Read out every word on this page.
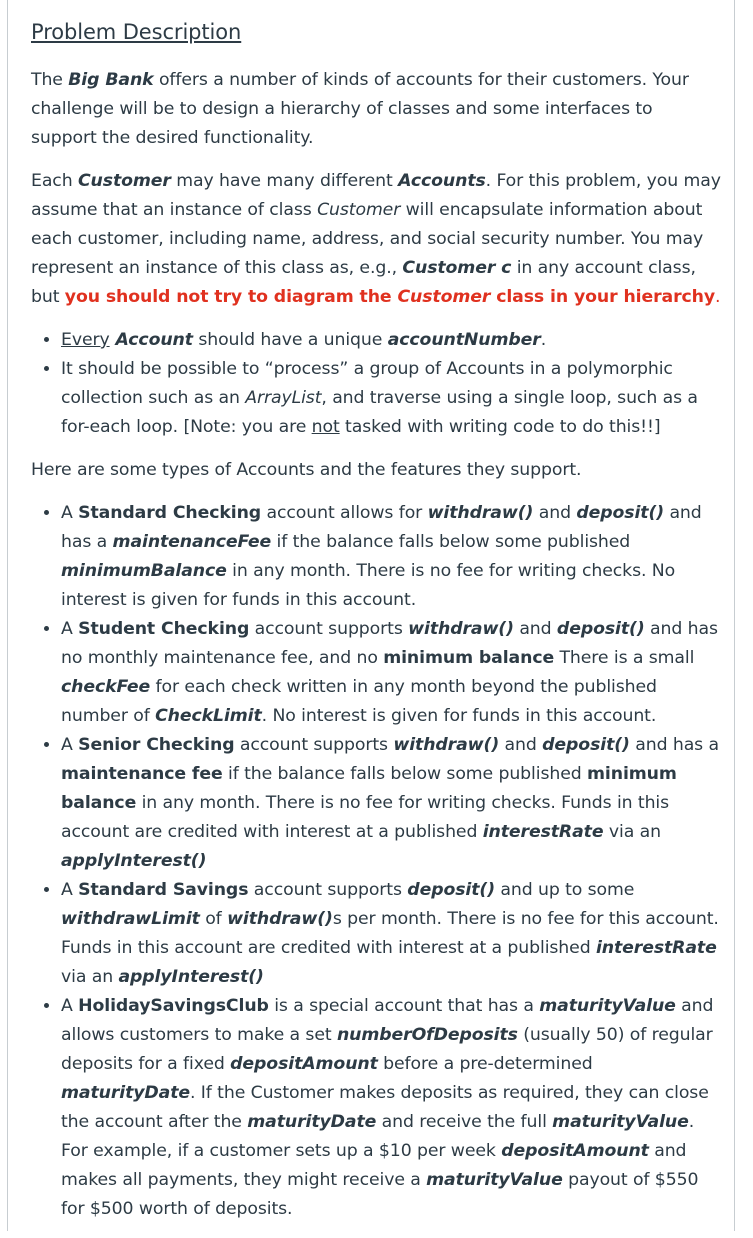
Problem Description

The Big Bank offers a number of kinds of accounts for their customers. Your challenge will be to design a hierarchy of classes and some interfaces to support the desired functionality.

Each Customer may have many different Accounts. For this problem, you may assume that an instance of class Customer will encapsulate information about each customer, including name, address, and social security number. You may represent an instance of this class as, e.g., Customer c in any account class, but you should not try to diagram the Customer class in your hierarchy.

• Every Account should have a unique accountNumber.
• It should be possible to “process” a group of Accounts in a polymorphic collection such as an ArrayList, and traverse using a single loop, such as a for-each loop. [Note: you are not tasked with writing code to do this!!]

Here are some types of Accounts and the features they support.

• A Standard Checking account allows for withdraw() and deposit() and has a maintenanceFee if the balance falls below some published minimumBalance in any month. There is no fee for writing checks. No interest is given for funds in this account.
• A Student Checking account supports withdraw() and deposit() and has no monthly maintenance fee, and no minimum balance There is a small checkFee for each check written in any month beyond the published number of CheckLimit. No interest is given for funds in this account.
• A Senior Checking account supports withdraw() and deposit() and has a maintenance fee if the balance falls below some published minimum balance in any month. There is no fee for writing checks. Funds in this account are credited with interest at a published interestRate via an applyInterest()
• A Standard Savings account supports deposit() and up to some withdrawLimit of withdraw()s per month. There is no fee for this account. Funds in this account are credited with interest at a published interestRate via an applyInterest()
• A HolidaySavingsClub is a special account that has a maturityValue and allows customers to make a set numberOfDeposits (usually 50) of regular deposits for a fixed depositAmount before a pre-determined maturityDate. If the Customer makes deposits as required, they can close the account after the maturityDate and receive the full maturityValue. For example, if a customer sets up a $10 per week depositAmount and makes all payments, they might receive a maturityValue payout of $550 for $500 worth of deposits.
